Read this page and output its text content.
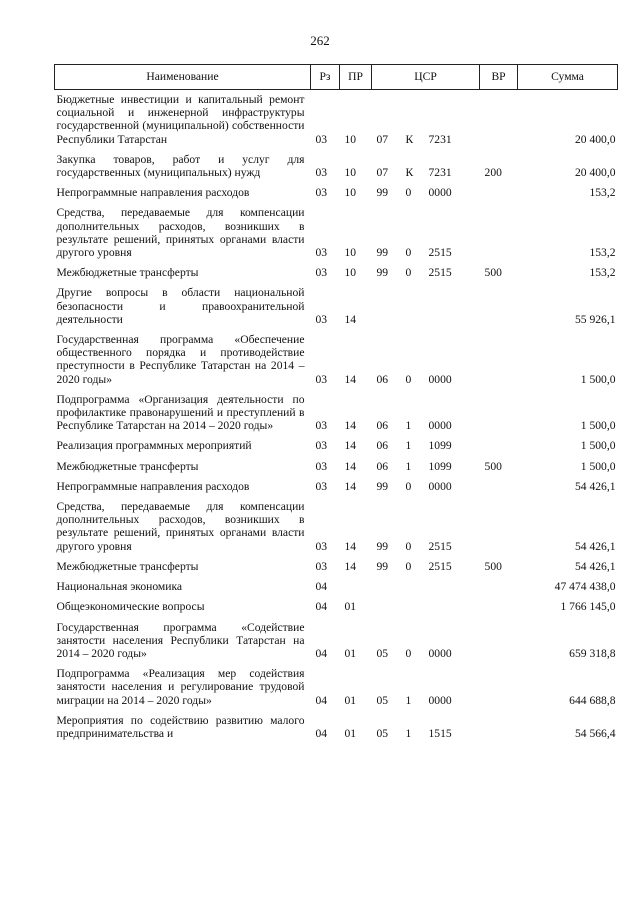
262
Наименование	Рз	ПР	ЦСР			ВР	Сумма
Бюджетные инвестиции и капитальный ремонт социальной и инженерной инфраструктуры государственной (муниципальной) собственности Республики Татарстан	03	10	07	К	7231		20 400,0
Закупка товаров, работ и услуг для государственных (муниципальных) нужд	03	10	07	К	7231	200	20 400,0
Непрограммные направления расходов	03	10	99	0	0000		153,2
Средства, передаваемые для компенсации дополнительных расходов, возникших в результате решений, принятых органами власти другого уровня	03	10	99	0	2515		153,2
Межбюджетные трансферты	03	10	99	0	2515	500	153,2
Другие вопросы в области национальной безопасности и правоохранительной деятельности	03	14					55 926,1
Государственная программа «Обеспечение общественного порядка и противодействие преступности в Республике Татарстан на 2014 – 2020 годы»	03	14	06	0	0000		1 500,0
Подпрограмма «Организация деятельности по профилактике правонарушений и преступлений в Республике Татарстан на 2014 – 2020 годы»	03	14	06	1	0000		1 500,0
Реализация программных мероприятий	03	14	06	1	1099		1 500,0
Межбюджетные трансферты	03	14	06	1	1099	500	1 500,0
Непрограммные направления расходов	03	14	99	0	0000		54 426,1
Средства, передаваемые для компенсации дополнительных расходов, возникших в результате решений, принятых органами власти другого уровня	03	14	99	0	2515		54 426,1
Межбюджетные трансферты	03	14	99	0	2515	500	54 426,1
Национальная экономика	04						47 474 438,0
Общеэкономические вопросы	04	01					1 766 145,0
Государственная программа «Содействие занятости населения Республики Татарстан на 2014 – 2020 годы»	04	01	05	0	0000		659 318,8
Подпрограмма «Реализация мер содействия занятости населения и регулирование трудовой миграции на 2014 – 2020 годы»	04	01	05	1	0000		644 688,8
Мероприятия по содействию развитию малого предпринимательства и	04	01	05	1	1515		54 566,4
